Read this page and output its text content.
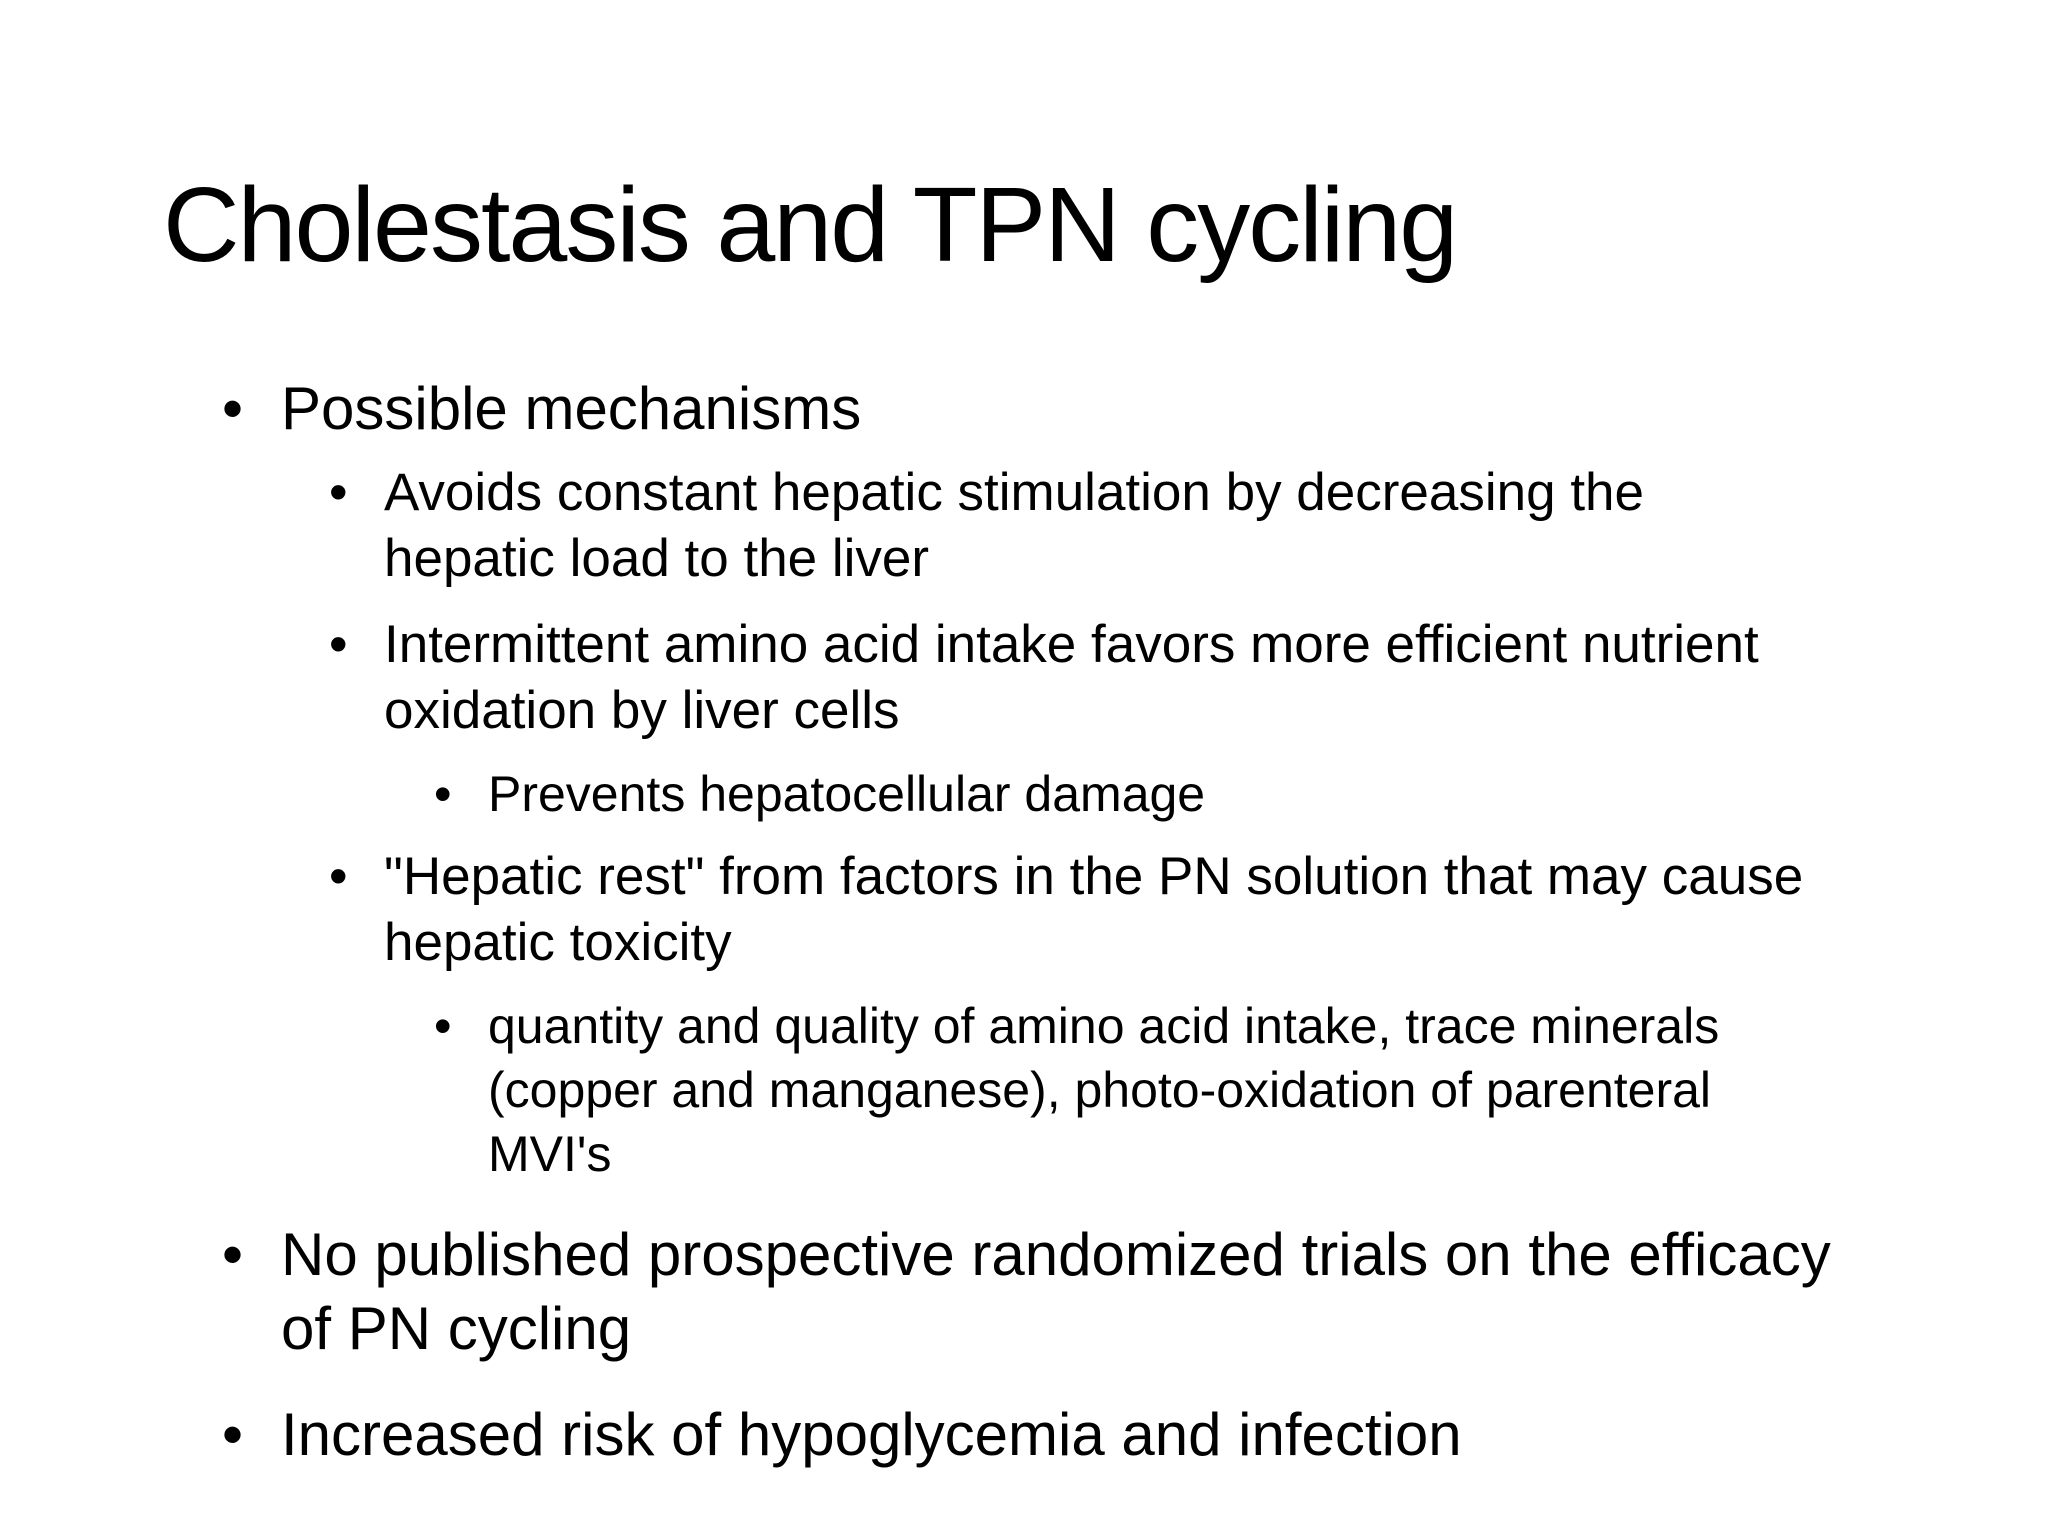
Cholestasis and TPN cycling
• Possible mechanisms
• Avoids constant hepatic stimulation by decreasing the
hepatic load to the liver
• Intermittent amino acid intake favors more efficient nutrient
oxidation by liver cells
• Prevents hepatocellular damage
• "Hepatic rest" from factors in the PN solution that may cause
hepatic toxicity
• quantity and quality of amino acid intake, trace minerals
(copper and manganese), photo-oxidation of parenteral
MVI's
• No published prospective randomized trials on the efficacy
of PN cycling
• Increased risk of hypoglycemia and infection
